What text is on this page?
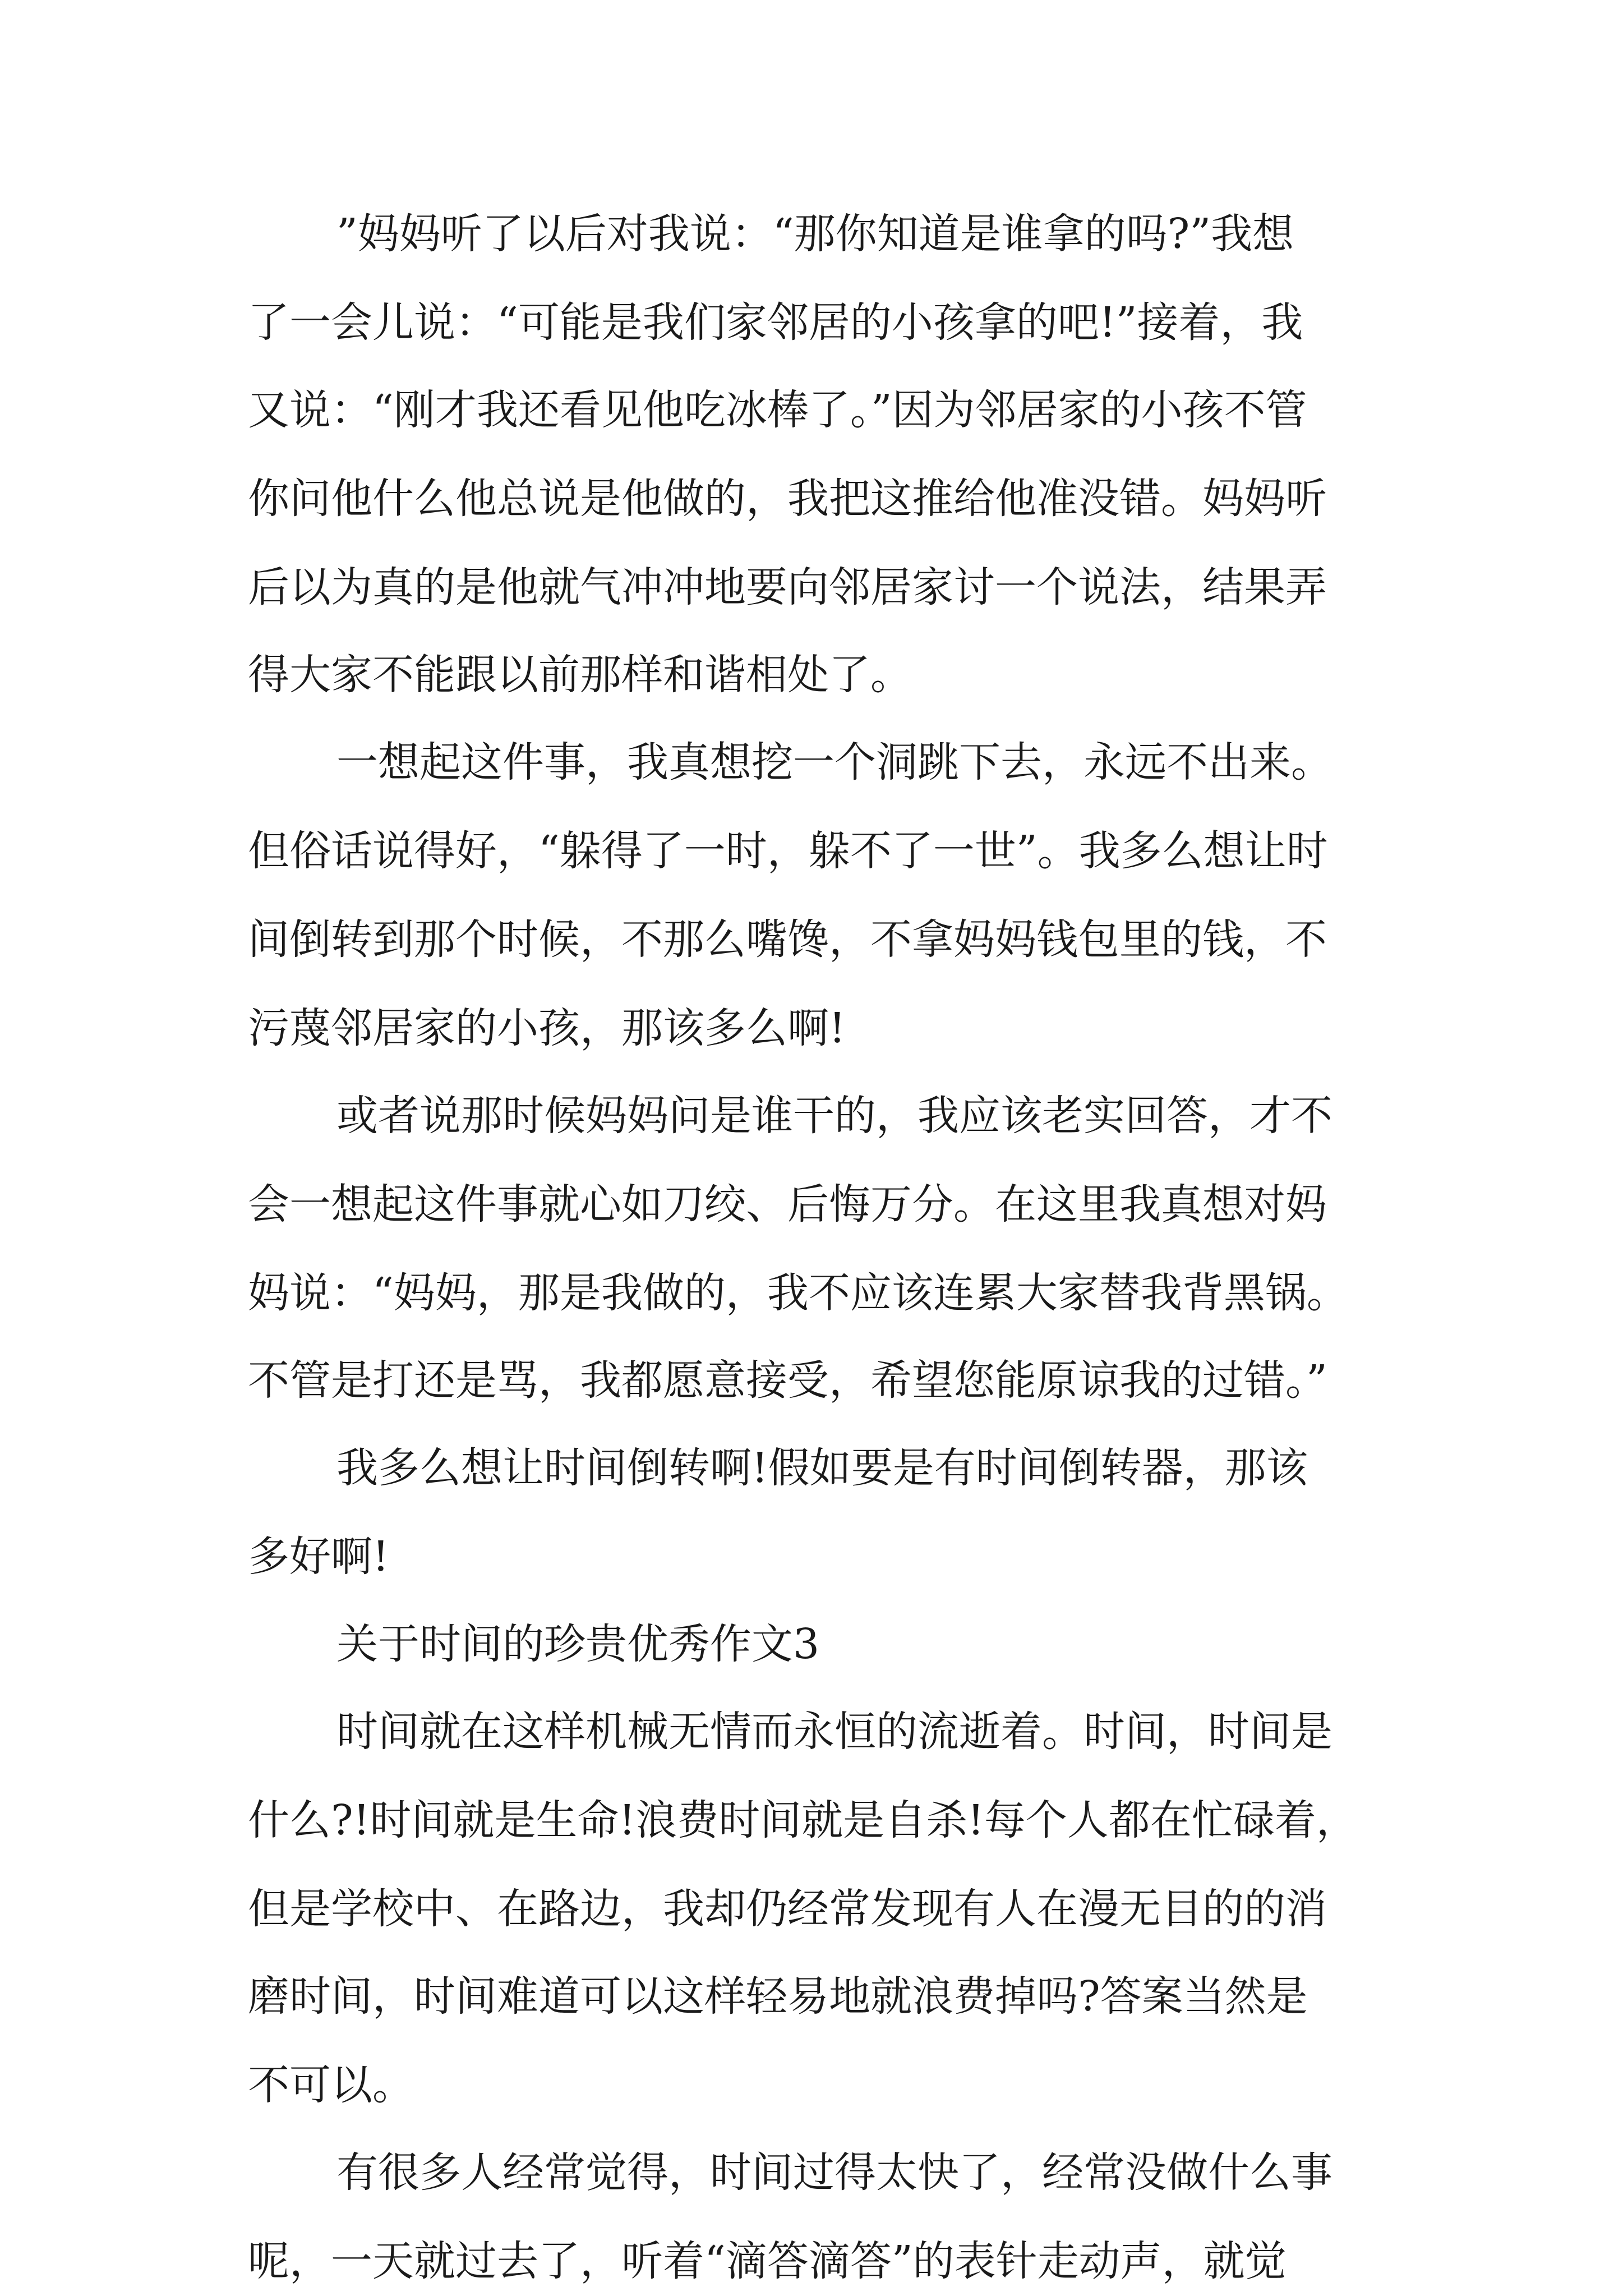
”妈妈听了以后对我说：“那你知道是谁拿的吗?”我想
了一会儿说：“可能是我们家邻居的小孩拿的吧!”接着，我
又说：“刚才我还看见他吃冰棒了。”因为邻居家的小孩不管
你问他什么他总说是他做的，我把这推给他准没错。妈妈听
后以为真的是他就气冲冲地要向邻居家讨一个说法，结果弄
得大家不能跟以前那样和谐相处了。
一想起这件事，我真想挖一个洞跳下去，永远不出来。
但俗话说得好，“躲得了一时，躲不了一世”。我多么想让时
间倒转到那个时候，不那么嘴馋，不拿妈妈钱包里的钱，不
污蔑邻居家的小孩，那该多么啊!
或者说那时候妈妈问是谁干的，我应该老实回答，才不
会一想起这件事就心如刀绞、后悔万分。在这里我真想对妈
妈说：“妈妈，那是我做的，我不应该连累大家替我背黑锅。
不管是打还是骂，我都愿意接受，希望您能原谅我的过错。”
我多么想让时间倒转啊!假如要是有时间倒转器，那该
多好啊!
关于时间的珍贵优秀作文3
时间就在这样机械无情而永恒的流逝着。时间，时间是
什么?!时间就是生命!浪费时间就是自杀!每个人都在忙碌着，
但是学校中、在路边，我却仍经常发现有人在漫无目的的消
磨时间，时间难道可以这样轻易地就浪费掉吗?答案当然是
不可以。
有很多人经常觉得，时间过得太快了，经常没做什么事
呢，一天就过去了，听着“滴答滴答”的表针走动声，就觉
